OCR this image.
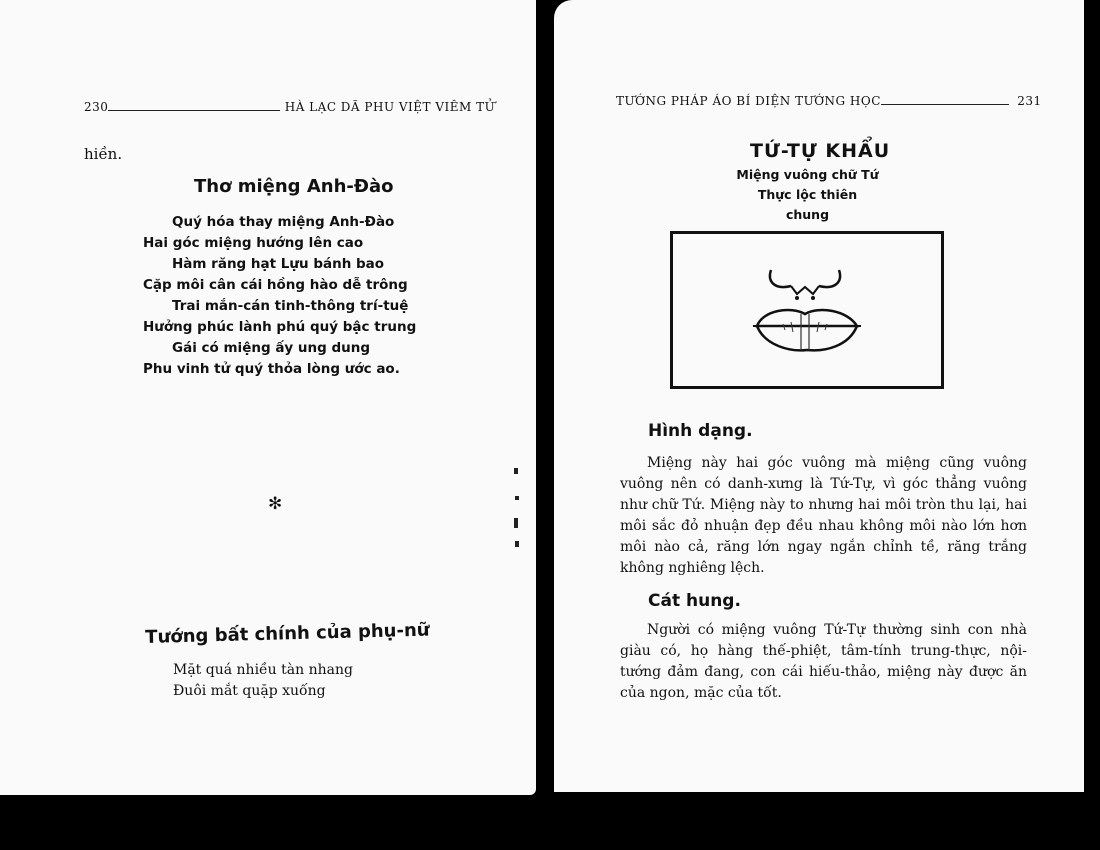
230	HÀ LẠC DÃ PHU VIỆT VIÊM TỬ
hiền.
Thơ miệng Anh-Đào
Quý hóa thay miệng Anh-Đào
Hai góc miệng hướng lên cao
Hàm răng hạt Lựu bánh bao
Cặp môi cân cái hồng hào dễ trông
Trai mắn-cán tinh-thông trí-tuệ
Hưởng phúc lành phú quý bậc trung
Gái có miệng ấy ung dung
Phu vinh tử quý thỏa lòng ước ao.
✻
Tướng bất chính của phụ-nữ
Mặt quá nhiều tàn nhang
Đuôi mắt quặp xuống
TƯỚNG PHÁP ÁO BÍ DIỆN TƯỚNG HỌC	231
TỨ-TỰ KHẨU
Miệng vuông chữ Tứ
Thực lộc thiên chung
Hình dạng.

Miệng này hai góc vuông mà miệng cũng vuông vuông nên có danh-xưng là Tứ-Tự, vì góc thẳng vuông như chữ Tứ. Miệng này to nhưng hai môi tròn thu lại, hai môi sắc đỏ nhuận đẹp đều nhau không môi nào lớn hơn môi nào cả, răng lớn ngay ngắn chỉnh tề, răng trắng không nghiêng lệch.

Cát hung.

Người có miệng vuông Tứ-Tự thường sinh con nhà giàu có, họ hàng thế-phiệt, tâm-tính trung-thực, nội-tướng đảm đang, con cái hiếu-thảo, miệng này được ăn của ngon, mặc của tốt.
